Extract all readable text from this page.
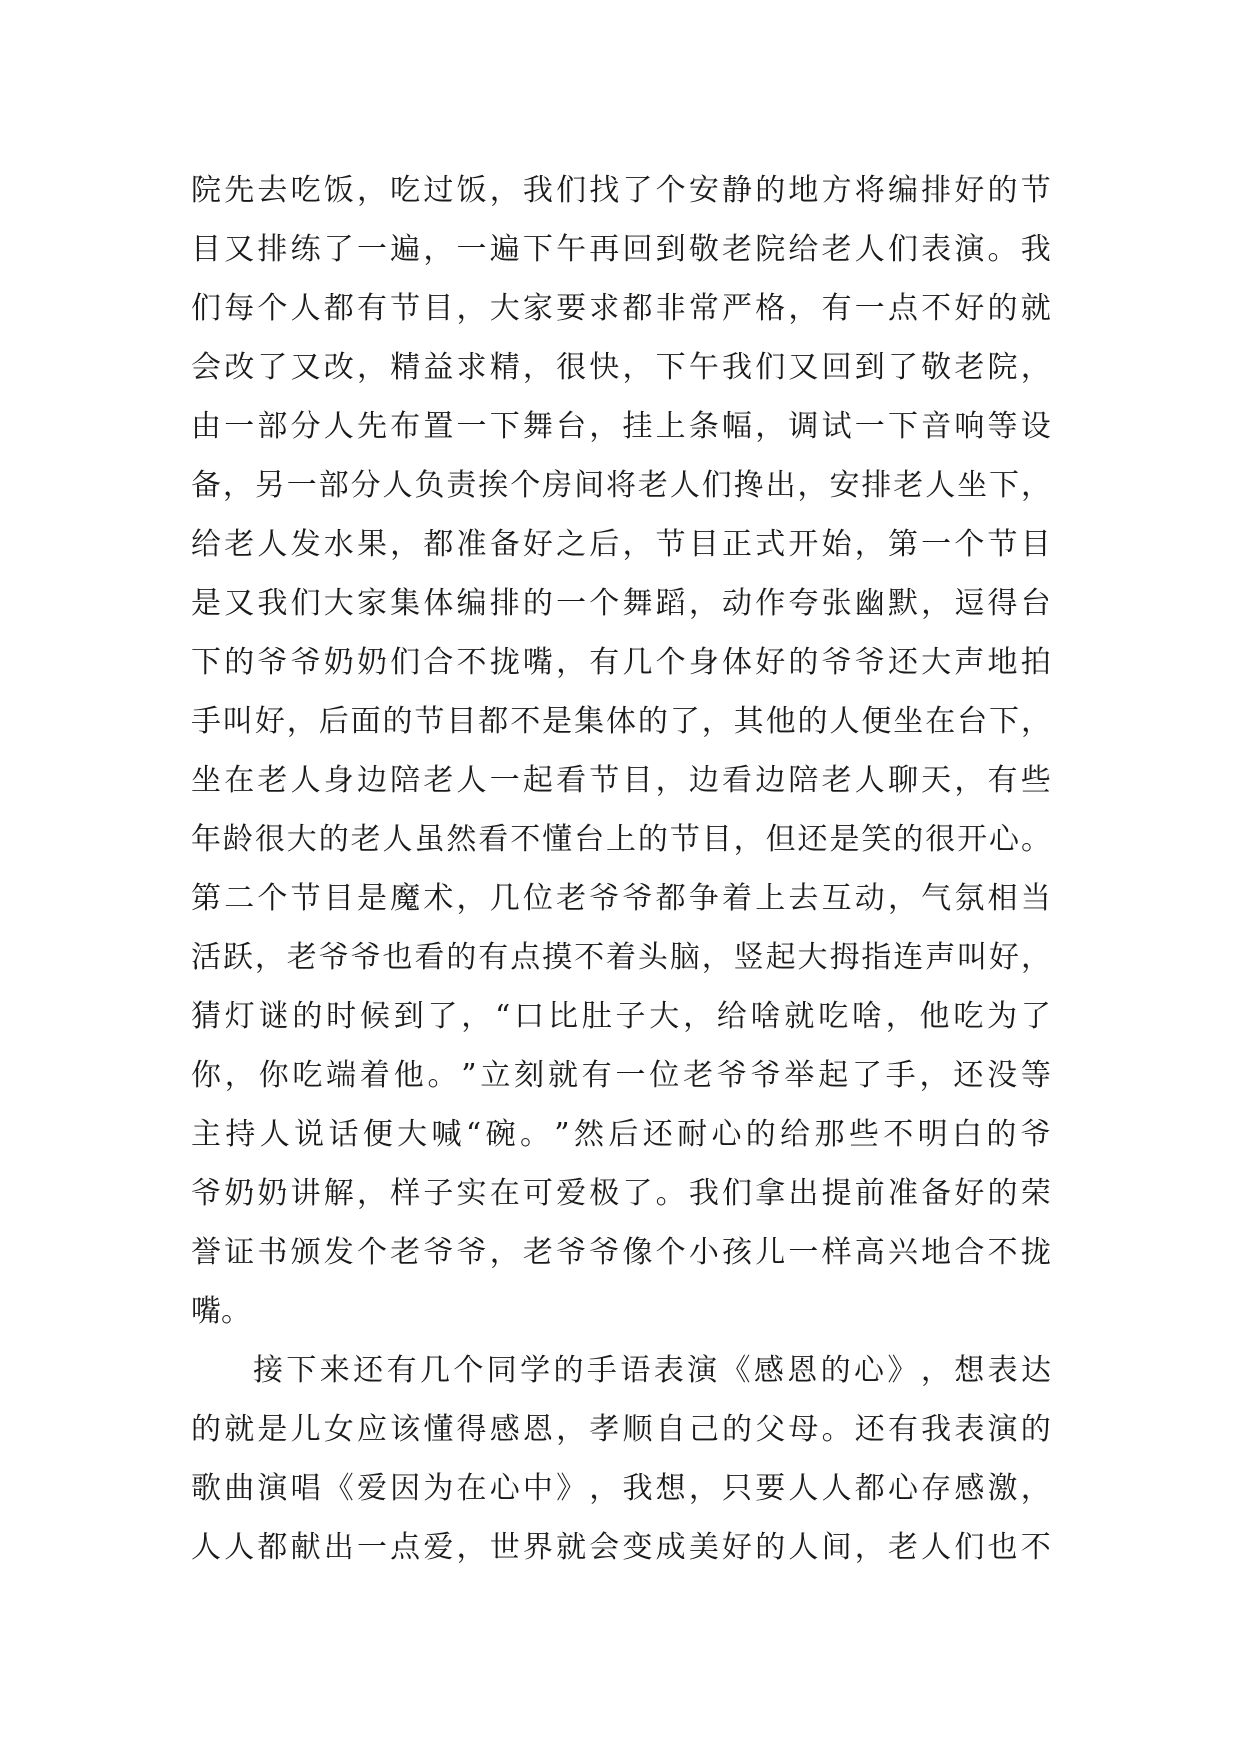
院 先 去 吃 饭 ， 吃 过 饭 ， 我 们 找 了 个 安 静 的 地 方 将 编 排 好 的 节
目 又 排 练 了 一 遍 ， 一 遍 下 午 再 回 到 敬 老 院 给 老 人 们 表 演 。 我
们 每 个 人 都 有 节 目 ， 大 家 要 求 都 非 常 严 格 ， 有 一 点 不 好 的 就
会 改 了 又 改 ， 精 益 求 精 ， 很 快 ， 下 午 我 们 又 回 到 了 敬 老 院 ，
由 一 部 分 人 先 布 置 一 下 舞 台 ， 挂 上 条 幅 ， 调 试 一 下 音 响 等 设
备 ， 另 一 部 分 人 负 责 挨 个 房 间 将 老 人 们 搀 出 ， 安 排 老 人 坐 下 ，
给 老 人 发 水 果 ， 都 准 备 好 之 后 ， 节 目 正 式 开 始 ， 第 一 个 节 目
是 又 我 们 大 家 集 体 编 排 的 一 个 舞 蹈 ， 动 作 夸 张 幽 默 ， 逗 得 台
下 的 爷 爷 奶 奶 们 合 不 拢 嘴 ， 有 几 个 身 体 好 的 爷 爷 还 大 声 地 拍
手 叫 好 ， 后 面 的 节 目 都 不 是 集 体 的 了 ， 其 他 的 人 便 坐 在 台 下 ，
坐 在 老 人 身 边 陪 老 人 一 起 看 节 目 ， 边 看 边 陪 老 人 聊 天 ， 有 些
年 龄 很 大 的 老 人 虽 然 看 不 懂 台 上 的 节 目 ， 但 还 是 笑 的 很 开 心 。
第 二 个 节 目 是 魔 术 ， 几 位 老 爷 爷 都 争 着 上 去 互 动 ， 气 氛 相 当
活 跃 ， 老 爷 爷 也 看 的 有 点 摸 不 着 头 脑 ， 竖 起 大 拇 指 连 声 叫 好 ，
猜 灯 谜 的 时 候 到 了 ， “ 口 比 肚 子 大 ， 给 啥 就 吃 啥 ， 他 吃 为 了
你 ， 你 吃 端 着 他 。 ” 立 刻 就 有 一 位 老 爷 爷 举 起 了 手 ， 还 没 等
主 持 人 说 话 便 大 喊 “ 碗 。 ” 然 后 还 耐 心 的 给 那 些 不 明 白 的 爷
爷 奶 奶 讲 解 ， 样 子 实 在 可 爱 极 了 。 我 们 拿 出 提 前 准 备 好 的 荣
誉 证 书 颁 发 个 老 爷 爷 ， 老 爷 爷 像 个 小 孩 儿 一 样 高 兴 地 合 不 拢
嘴 。
接 下 来 还 有 几 个 同 学 的 手 语 表 演 《 感 恩 的 心 》 ， 想 表 达
的 就 是 儿 女 应 该 懂 得 感 恩 ， 孝 顺 自 己 的 父 母 。 还 有 我 表 演 的
歌 曲 演 唱 《 爱 因 为 在 心 中 》 ， 我 想 ， 只 要 人 人 都 心 存 感 激 ，
人 人 都 献 出 一 点 爱 ， 世 界 就 会 变 成 美 好 的 人 间 ， 老 人 们 也 不
